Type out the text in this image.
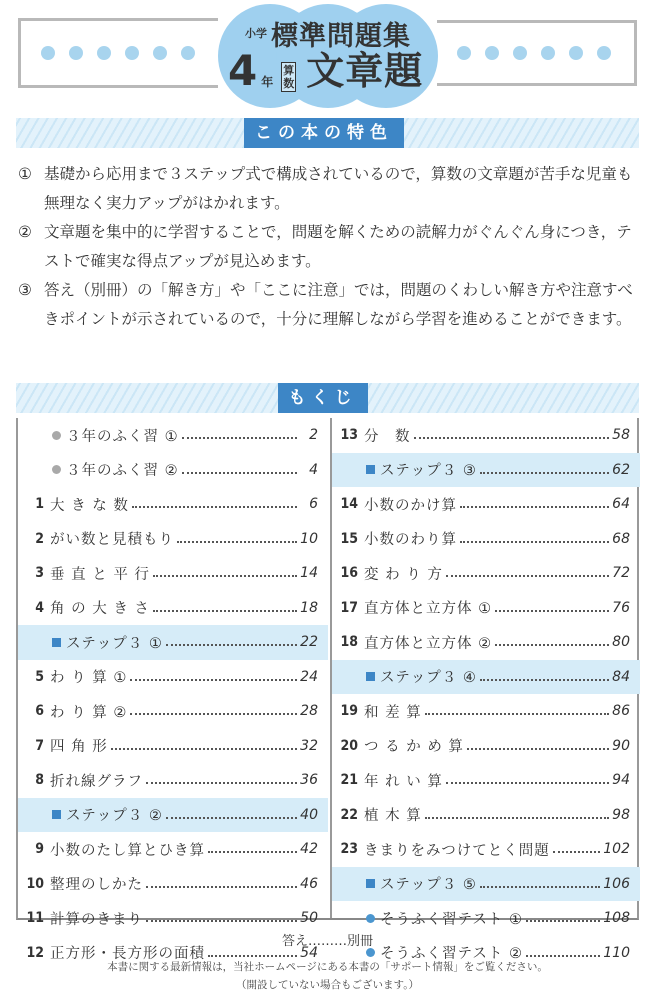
$^{小学}$ 標準問題集
4 年
算
数 文章題
この本の特色
① 基礎から応用まで３ステップ式で構成されているので，算数の文章題が苦手な児童も無理なく実力アップがはかれます。
② 文章題を集中的に学習することで，問題を解くための読解力がぐんぐん身につき，テストで確実な得点アップが見込めます。
③ 答え（別冊）の「解き方」や「ここに注意」では，問題のくわしい解き方や注意すべきポイントが示されているので，十分に理解しながら学習を進めることができます。
もくじ
３年のふく習 ①	2
３年のふく習 ②	4
1 大 き な 数	6
2 がい数と見積もり	10
3 垂 直 と 平 行	14
4 角 の 大 き さ	18
ステップ３ ①	22
5 わ り 算 ①	24
6 わ り 算 ②	28
7 四 角 形	32
8 折れ線グラフ	36
ステップ３ ②	40
9 小数のたし算とひき算	42
10 整理のしかた	46
11 計算のきまり	50
12 正方形・長方形の面積	54
13 分　数	58
ステップ３ ③	62
14 小数のかけ算	64
15 小数のわり算	68
16 変 わ り 方	72
17 直方体と立方体 ①	76
18 直方体と立方体 ②	80
ステップ３ ④	84
19 和 差 算	86
20 つ る か め 算	90
21 年 れ い 算	94
22 植 木 算	98
23 きまりをみつけてとく問題	102
ステップ３ ⑤	106
そうふく習テスト ①	108
そうふく習テスト ②	110
答え………別冊
本書に関する最新情報は，当社ホームページにある本書の「サポート情報」をご覧ください。
（開設していない場合もございます。）
